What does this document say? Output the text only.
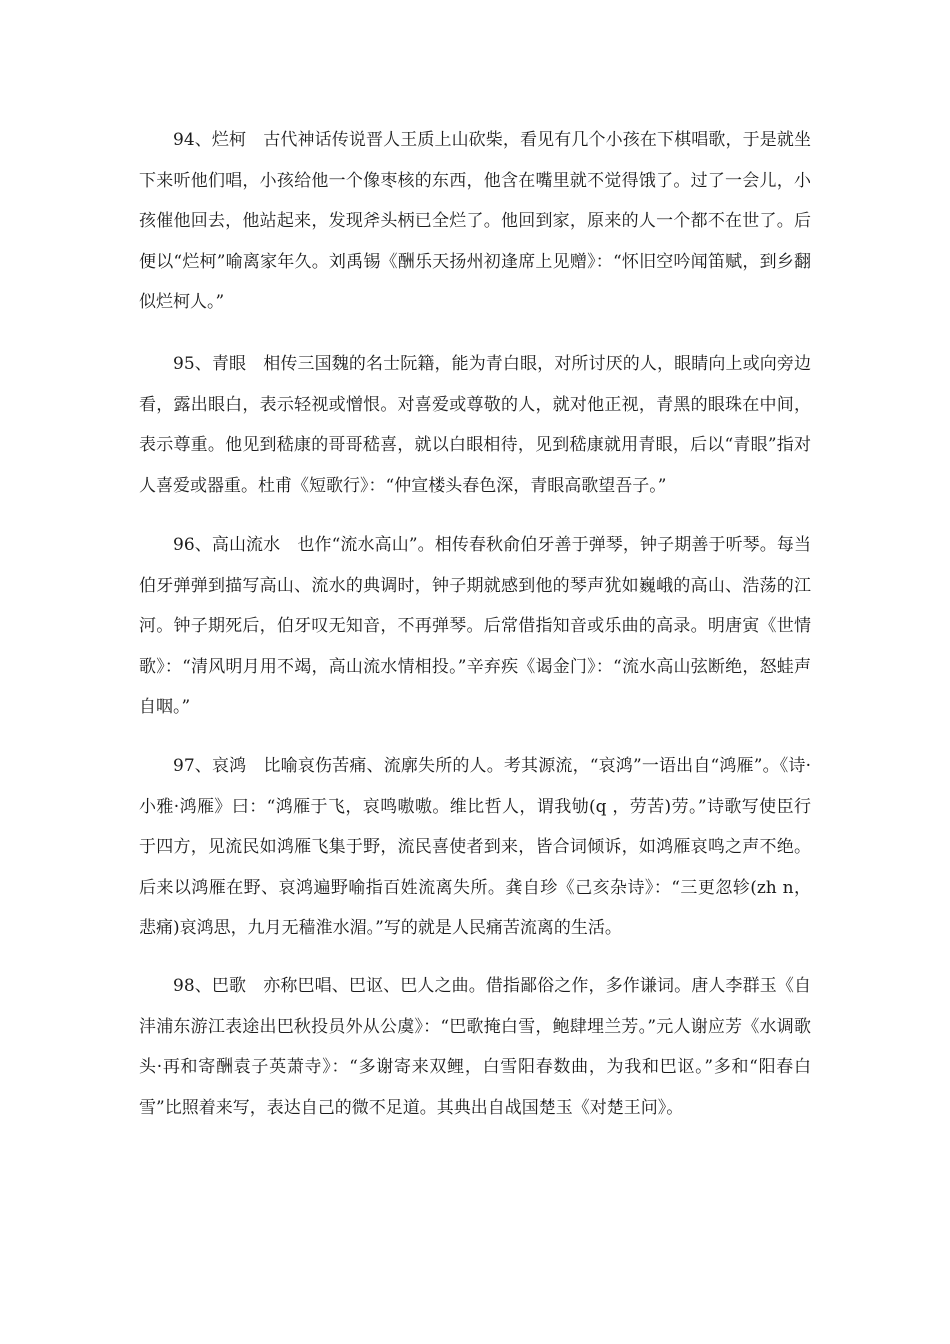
94、烂柯　古代神话传说晋人王质上山砍柴，看见有几个小孩在下棋唱歌，于是就坐下来听他们唱，小孩给他一个像枣核的东西，他含在嘴里就不觉得饿了。过了一会儿，小孩催他回去，他站起来，发现斧头柄已全烂了。他回到家，原来的人一个都不在世了。后便以“烂柯”喻离家年久。刘禹锡《酬乐天扬州初逢席上见赠》：“怀旧空吟闻笛赋，到乡翻似烂柯人。”

95、青眼　相传三国魏的名士阮籍，能为青白眼，对所讨厌的人，眼睛向上或向旁边看，露出眼白，表示轻视或憎恨。对喜爱或尊敬的人，就对他正视，青黑的眼珠在中间，表示尊重。他见到嵇康的哥哥嵇喜，就以白眼相待，见到嵇康就用青眼，后以“青眼”指对人喜爱或器重。杜甫《短歌行》：“仲宣楼头春色深，青眼高歌望吾子。”

96、高山流水　也作“流水高山”。相传春秋俞伯牙善于弹琴，钟子期善于听琴。每当伯牙弹弹到描写高山、流水的典调时，钟子期就感到他的琴声犹如巍峨的高山、浩荡的江河。钟子期死后，伯牙叹无知音，不再弹琴。后常借指知音或乐曲的高录。明唐寅《世情歌》：“清风明月用不竭，高山流水情相投。”辛弃疾《谒金门》：“流水高山弦断绝，怒蛙声自咽。”

97、哀鸿　比喻哀伤苦痛、流廓失所的人。考其源流，“哀鸿”一语出自“鸿雁”。《诗·小雅·鸿雁》曰：“鸿雁于飞，哀鸣嗷嗷。维比哲人，谓我劬(q ，劳苦)劳。”诗歌写使臣行于四方，见流民如鸿雁飞集于野，流民喜使者到来，皆合词倾诉，如鸿雁哀鸣之声不绝。后来以鸿雁在野、哀鸿遍野喻指百姓流离失所。龚自珍《己亥杂诗》：“三更忽轸(zh n，悲痛)哀鸿思，九月无穑淮水湄。”写的就是人民痛苦流离的生活。

98、巴歌　亦称巴唱、巴讴、巴人之曲。借指鄙俗之作，多作谦词。唐人李群玉《自沣浦东游江表途出巴秋投员外从公虞》：“巴歌掩白雪，鲍肆埋兰芳。”元人谢应芳《水调歌头·再和寄酬袁子英萧寺》：“多谢寄来双鲤，白雪阳春数曲，为我和巴讴。”多和“阳春白雪”比照着来写，表达自己的微不足道。其典出自战国楚玉《对楚王问》。
